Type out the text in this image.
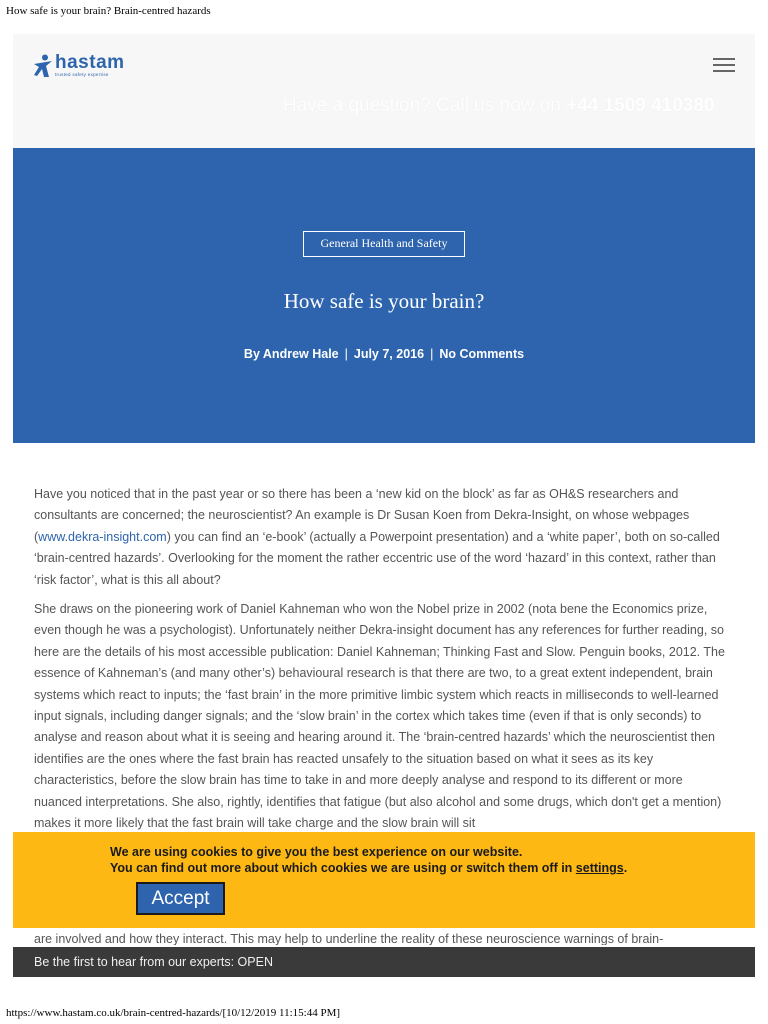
How safe is your brain? Brain-centred hazards
hastam
trusted safety expertise
Have a question? Call us now on +44 1509 410380
General Health and Safety
How safe is your brain?
By Andrew Hale | July 7, 2016 | No Comments

Have you noticed that in the past year or so there has been a ‘new kid on the block’ as far as OH&S researchers and consultants are concerned; the neuroscientist? An example is Dr Susan Koen from Dekra-Insight, on whose webpages (www.dekra-insight.com) you can find an ‘e-book’ (actually a Powerpoint presentation) and a ‘white paper’, both on so-called ‘brain-centred hazards’. Overlooking for the moment the rather eccentric use of the word ‘hazard’ in this context, rather than ‘risk factor’, what is this all about?

She draws on the pioneering work of Daniel Kahneman who won the Nobel prize in 2002 (nota bene the Economics prize, even though he was a psychologist). Unfortunately neither Dekra-insight document has any references for further reading, so here are the details of his most accessible publication: Daniel Kahneman; Thinking Fast and Slow. Penguin books, 2012. The essence of Kahneman’s (and many other’s) behavioural research is that there are two, to a great extent independent, brain systems which react to inputs; the ‘fast brain’ in the more primitive limbic system which reacts in milliseconds to well-learned input signals, including danger signals; and the ‘slow brain’ in the cortex which takes time (even if that is only seconds) to analyse and reason about what it is seeing and hearing around it. The ‘brain-centred hazards’ which the neuroscientist then identifies are the ones where the fast brain has reacted unsafely to the situation based on what it sees as its key characteristics, before the slow brain has time to take in and more deeply analyse and respond to its different or more nuanced interpretations. She also, rightly, identifies that fatigue (but also alcohol and some drugs, which don't get a mention) makes it more likely that the fast brain will take charge and the slow brain will sit

are involved and how they interact. This may help to underline the reality of these neuroscience warnings of brain-
We are using cookies to give you the best experience on our website.
You can find out more about which cookies we are using or switch them off in settings.
Accept
Be the first to hear from our experts: OPEN
https://www.hastam.co.uk/brain-centred-hazards/[10/12/2019 11:15:44 PM]
